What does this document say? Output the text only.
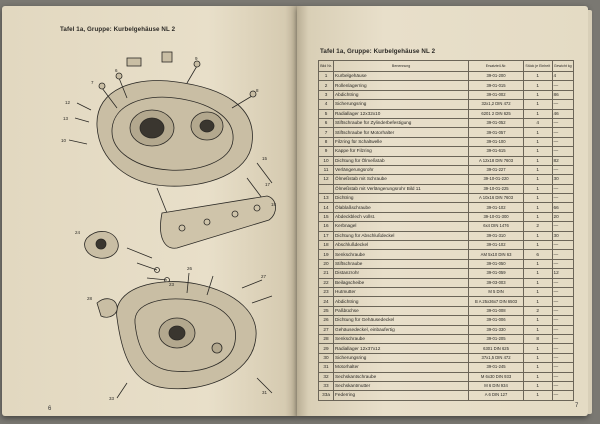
Tafel 1a, Gruppe: Kurbelgehäuse NL 2
7
6
9
8
12
13
10
15
17
24
18
23
28
27
31
33
26
6
Tafel 1a, Gruppe: Kurbelgehäuse NL 2
Bild Nr.	Benennung	Ersatzteil-Nr.	Stück je Einheit	Gewicht kg
1	Kurbelgehäuse	39-01-200	1	4
2	Rollenlagerring	39-01-015	1	—
3	Abdichtring	39-01-002	1	86
4	Sicherungsring	32x1,2 DIN 472	1	—
5	Radiallager 12x32x10	6201 2 DIN 625	1	46
6	Stiftschraube für Zylinderbefestigung	39-01-052	4	—
7	Stiftschraube für Motorhalter	39-01-057	1	—
8	Filzring für Schaltwelle	39-01-100	1	—
9	Kappe für Filzring	39-01-615	1	—
10	Dichtung für Ölmeßstab	A 12x18 DIN 7603	1	82
11	Verlängerungsrohr	39-01-227	1	—
12	Ölmeßstab mit Schraube	39-10-01-220	1	30
	Ölmeßstab mit Verlängerungsrohr Bild 11	39-10-01-225	1	—
13	Dichtring	A 10x16 DIN 7603	1	—
14	Ölablaßschraube	39-01-102	1	66
15	Abdeckblech vollst.	39-10-01-300	1	20
16	Kerbnagel	6x4 DIN 1476	2	—
17	Dichtung für Abschlußdeckel	39-01-310	1	30
18	Abschlußdeckel	39-01-102	1	—
19	Senkschraube	AM 5x10 DIN 63	6	—
20	Stiftschraube	39-01-050	1	—
21	Distanzrohr	39-01-059	1	12
22	Beilagscheibe	39-03-003	1	—
23	Hutmutter	M 5 DIN	1	—
24	Abdichtring	B A 25x36x7 DIN 6503	1	—
25	Paßbüchse	39-01-008	2	—
26	Dichtung für Gehäusedeckel	39-01-006	1	—
27	Gehäusedeckel, einbaufertig	39-01-330	1	—
28	Senkschraube	39-01-205	8	—
29	Radiallager 12x37x12	6301 DIN 625	1	—
30	Sicherungsring	37x1,5 DIN 472	1	—
31	Motorhalter	39-01-245	1	—
32	Sechskantschraube	M 6x30 DIN 933	1	—
33	Sechskantmutter	M 6 DIN 934	1	—
33a	Federring	A 6 DIN 127	1	—
7
